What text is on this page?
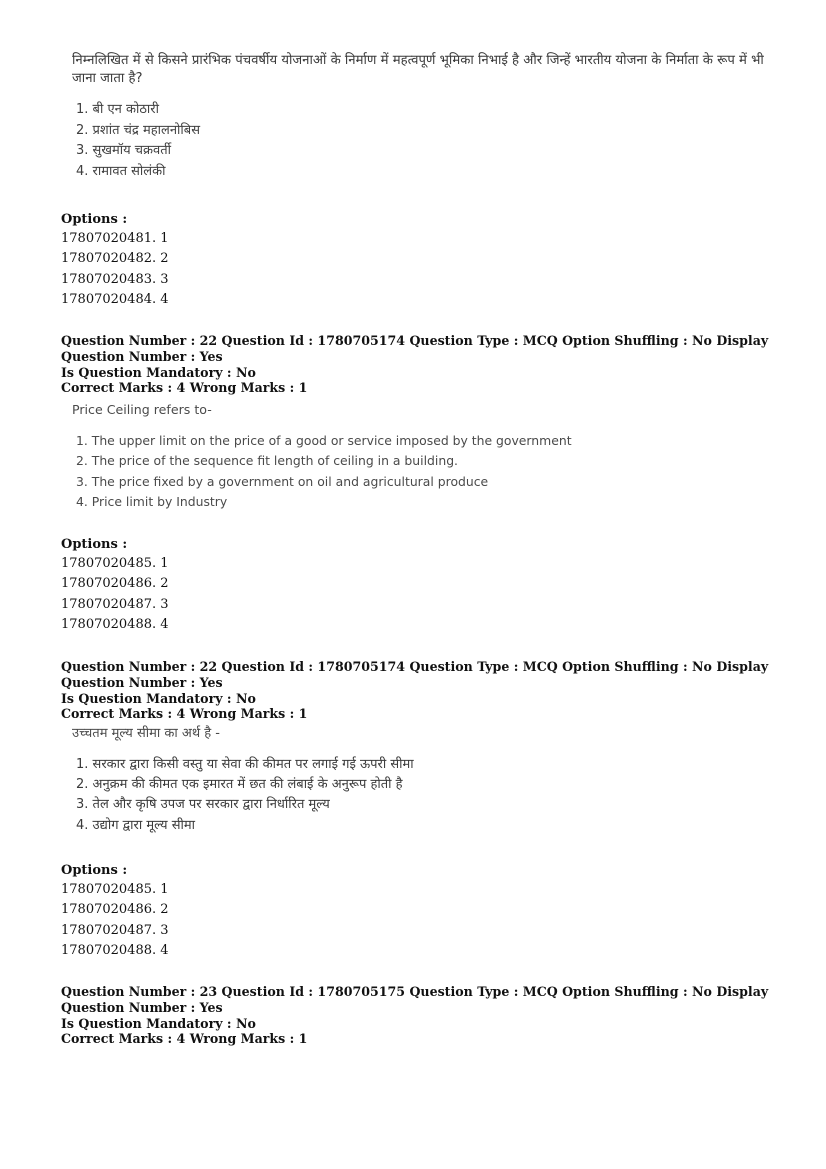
निम्नलिखित में से किसने प्रारंभिक पंचवर्षीय योजनाओं के निर्माण में महत्वपूर्ण भूमिका निभाई है और जिन्हें भारतीय योजना के निर्माता के रूप में भी जाना जाता है?
1. बी एन कोठारी
2. प्रशांत चंद्र महालनोबिस
3. सुखमॉय चक्रवर्ती
4. रामावत सोलंकी
Options :
17807020481. 1
17807020482. 2
17807020483. 3
17807020484. 4
Question Number : 22 Question Id : 1780705174 Question Type : MCQ Option Shuffling : No Display Question Number : Yes
Is Question Mandatory : No
Correct Marks : 4 Wrong Marks : 1
Price Ceiling refers to-
1. The upper limit on the price of a good or service imposed by the government
2. The price of the sequence fit length of ceiling in a building.
3. The price fixed by a government on oil and agricultural produce
4. Price limit by Industry
Options :
17807020485. 1
17807020486. 2
17807020487. 3
17807020488. 4
Question Number : 22 Question Id : 1780705174 Question Type : MCQ Option Shuffling : No Display Question Number : Yes
Is Question Mandatory : No
Correct Marks : 4 Wrong Marks : 1
उच्चतम मूल्य सीमा का अर्थ है -
1. सरकार द्वारा किसी वस्तु या सेवा की कीमत पर लगाई गई ऊपरी सीमा
2. अनुक्रम की कीमत एक इमारत में छत की लंबाई के अनुरूप होती है
3. तेल और कृषि उपज पर सरकार द्वारा निर्धारित मूल्य
4. उद्योग द्वारा मूल्य सीमा
Options :
17807020485. 1
17807020486. 2
17807020487. 3
17807020488. 4
Question Number : 23 Question Id : 1780705175 Question Type : MCQ Option Shuffling : No Display Question Number : Yes
Is Question Mandatory : No
Correct Marks : 4 Wrong Marks : 1
